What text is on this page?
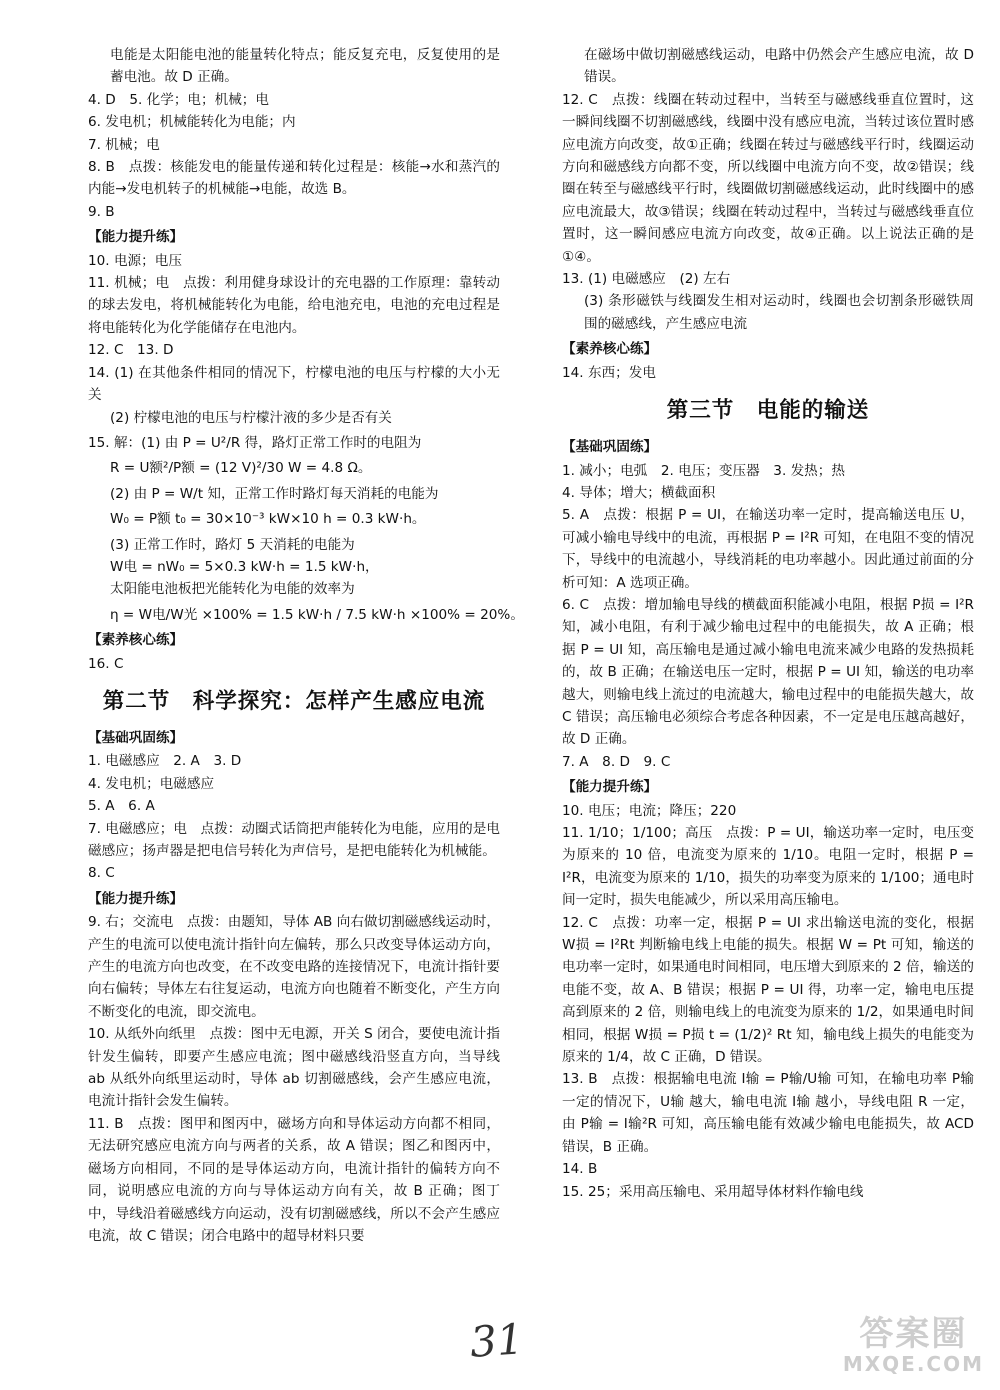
电能是太阳能电池的能量转化特点；能反复充电，反复使用的是蓄电池。故 D 正确。

4. D　5. 化学；电；机械；电

6. 发电机；机械能转化为电能；内

7. 机械；电

8. B　点拨：核能发电的能量传递和转化过程是：核能→水和蒸汽的内能→发电机转子的机械能→电能，故选 B。

9. B

【能力提升练】

10. 电源；电压

11. 机械；电　点拨：利用健身球设计的充电器的工作原理：靠转动的球去发电，将机械能转化为电能，给电池充电，电池的充电过程是将电能转化为化学能储存在电池内。

12. C　13. D

14. (1) 在其他条件相同的情况下，柠檬电池的电压与柠檬的大小无关

(2) 柠檬电池的电压与柠檬汁液的多少是否有关

15. 解：(1) 由 P = U²/R 得，路灯正常工作时的电阻为

R = U额²/P额 = (12 V)²/30 W = 4.8 Ω。

(2) 由 P = W/t 知，正常工作时路灯每天消耗的电能为

W₀ = P额 t₀ = 30×10⁻³ kW×10 h = 0.3 kW·h。

(3) 正常工作时，路灯 5 天消耗的电能为

W电 = nW₀ = 5×0.3 kW·h = 1.5 kW·h，

太阳能电池板把光能转化为电能的效率为

η = W电/W光 ×100% = 1.5 kW·h / 7.5 kW·h ×100% = 20%。

【素养核心练】

16. C

第二节　科学探究：怎样产生感应电流

【基础巩固练】

1. 电磁感应　2. A　3. D

4. 发电机；电磁感应

5. A　6. A

7. 电磁感应；电　点拨：动圈式话筒把声能转化为电能，应用的是电磁感应；扬声器是把电信号转化为声信号，是把电能转化为机械能。

8. C

【能力提升练】

9. 右；交流电　点拨：由题知，导体 AB 向右做切割磁感线运动时，产生的电流可以使电流计指针向左偏转，那么只改变导体运动方向，产生的电流方向也改变，在不改变电路的连接情况下，电流计指针要向右偏转；导体左右往复运动，电流方向也随着不断变化，产生方向不断变化的电流，即交流电。

10. 从纸外向纸里　点拨：图中无电源，开关 S 闭合，要使电流计指针发生偏转，即要产生感应电流；图中磁感线沿竖直方向，当导线 ab 从纸外向纸里运动时，导体 ab 切割磁感线，会产生感应电流，电流计指针会发生偏转。

11. B　点拨：图甲和图丙中，磁场方向和导体运动方向都不相同，无法研究感应电流方向与两者的关系，故 A 错误；图乙和图丙中，磁场方向相同，不同的是导体运动方向，电流计指针的偏转方向不同，说明感应电流的方向与导体运动方向有关，故 B 正确；图丁中，导线沿着磁感线方向运动，没有切割磁感线，所以不会产生感应电流，故 C 错误；闭合电路中的超导材料只要

在磁场中做切割磁感线运动，电路中仍然会产生感应电流，故 D 错误。

12. C　点拨：线圈在转动过程中，当转至与磁感线垂直位置时，这一瞬间线圈不切割磁感线，线圈中没有感应电流，当转过该位置时感应电流方向改变，故①正确；线圈在转过与磁感线平行时，线圈运动方向和磁感线方向都不变，所以线圈中电流方向不变，故②错误；线圈在转至与磁感线平行时，线圈做切割磁感线运动，此时线圈中的感应电流最大，故③错误；线圈在转动过程中，当转过与磁感线垂直位置时，这一瞬间感应电流方向改变，故④正确。以上说法正确的是①④。

13. (1) 电磁感应　(2) 左右

(3) 条形磁铁与线圈发生相对运动时，线圈也会切割条形磁铁周围的磁感线，产生感应电流

【素养核心练】

14. 东西；发电

第三节　电能的输送

【基础巩固练】

1. 减小；电弧　2. 电压；变压器　3. 发热；热

4. 导体；增大；横截面积

5. A　点拨：根据 P = UI，在输送功率一定时，提高输送电压 U，可减小输电导线中的电流，再根据 P = I²R 可知，在电阻不变的情况下，导线中的电流越小，导线消耗的电功率越小。因此通过前面的分析可知：A 选项正确。

6. C　点拨：增加输电导线的横截面积能减小电阻，根据 P损 = I²R 知，减小电阻，有利于减少输电过程中的电能损失，故 A 正确；根据 P = UI 知，高压输电是通过减小输电电流来减少电路的发热损耗的，故 B 正确；在输送电压一定时，根据 P = UI 知，输送的电功率越大，则输电线上流过的电流越大，输电过程中的电能损失越大，故 C 错误；高压输电必须综合考虑各种因素，不一定是电压越高越好，故 D 正确。

7. A　8. D　9. C

【能力提升练】

10. 电压；电流；降压；220

11. 1/10；1/100；高压　点拨：P = UI，输送功率一定时，电压变为原来的 10 倍，电流变为原来的 1/10。电阻一定时，根据 P = I²R，电流变为原来的 1/10，损失的功率变为原来的 1/100；通电时间一定时，损失电能减少，所以采用高压输电。

12. C　点拨：功率一定，根据 P = UI 求出输送电流的变化，根据 W损 = I²Rt 判断输电线上电能的损失。根据 W = Pt 可知，输送的电功率一定时，如果通电时间相同，电压增大到原来的 2 倍，输送的电能不变，故 A、B 错误；根据 P = UI 得，功率一定，输电电压提高到原来的 2 倍，则输电线上的电流变为原来的 1/2，如果通电时间相同，根据 W损 = P损 t = (1/2)² Rt 知，输电线上损失的电能变为原来的 1/4，故 C 正确，D 错误。

13. B　点拨：根据输电电流 I输 = P输/U输 可知，在输电功率 P输 一定的情况下，U输 越大，输电电流 I输 越小，导线电阻 R 一定，由 P输 = I输²R 可知，高压输电能有效减少输电电能损失，故 ACD 错误，B 正确。

14. B

15. 25；采用高压输电、采用超导体材料作输电线

31	答案圈
MXQE.COM
